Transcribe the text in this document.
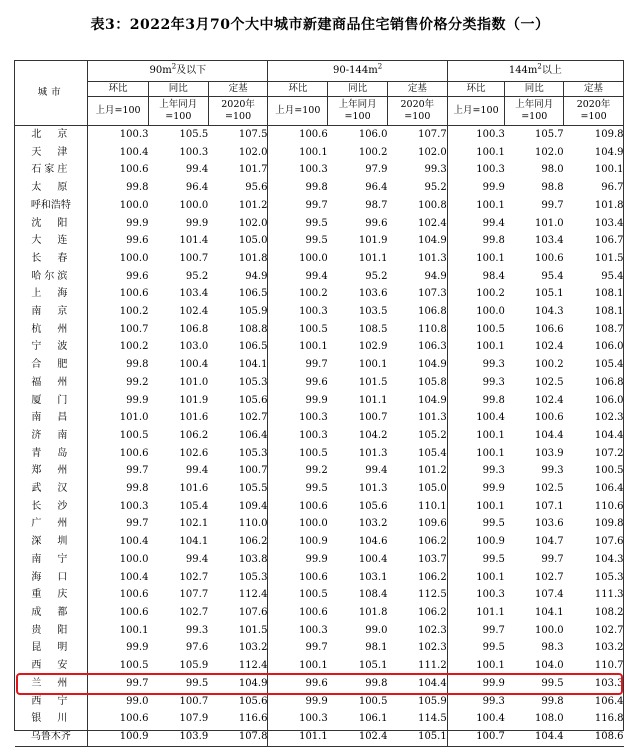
表3：2022年3月70个大中城市新建商品住宅销售价格分类指数（一）
城市	$90m^2$及以下			$90-144m^2$			$144m^2$以上		
	环比	同比	定基	环比	同比	定基	环比	同比	定基
	上月=100	上年同月=100	2020年=100	上月=100	上年同月=100	2020年=100	上月=100	上年同月=100	2020年=100
北　京	100.3	105.5	107.5	100.6	106.0	107.7	100.3	105.7	109.8
天　津	100.4	100.3	102.0	100.1	100.2	102.0	100.1	102.0	104.9
石家庄	100.6	99.4	101.7	100.3	97.9	99.3	100.3	98.0	100.1
太　原	99.8	96.4	95.6	99.8	96.4	95.2	99.9	98.8	96.7
呼和浩特	100.0	100.0	101.2	99.7	98.7	100.8	100.1	99.7	101.8
沈　阳	99.9	99.9	102.0	99.5	99.6	102.4	99.4	101.0	103.4
大　连	99.6	101.4	105.0	99.5	101.9	104.9	99.8	103.4	106.7
长　春	100.0	100.7	101.8	100.0	101.1	101.3	100.1	100.6	101.5
哈尔滨	99.6	95.2	94.9	99.4	95.2	94.9	98.4	95.4	95.4
上　海	100.6	103.4	106.5	100.2	103.6	107.3	100.2	105.1	108.1
南　京	100.2	102.4	105.9	100.3	103.5	106.8	100.0	104.3	108.1
杭　州	100.7	106.8	108.8	100.5	108.5	110.8	100.5	106.6	108.7
宁　波	100.2	103.0	106.5	100.1	102.9	106.3	100.1	102.4	106.0
合　肥	99.8	100.4	104.1	99.7	100.1	104.9	99.3	100.2	105.4
福　州	99.2	101.0	105.3	99.6	101.5	105.8	99.3	102.5	106.8
厦　门	99.9	101.9	105.6	99.9	101.1	104.9	99.8	102.4	106.0
南　昌	101.0	101.6	102.7	100.3	100.7	101.3	100.4	100.6	102.3
济　南	100.5	106.2	106.4	100.3	104.2	105.2	100.1	104.4	104.4
青　岛	100.6	102.6	105.3	100.5	101.3	105.4	100.1	103.9	107.2
郑　州	99.7	99.4	100.7	99.2	99.4	101.2	99.3	99.3	100.5
武　汉	99.8	101.6	105.5	99.5	101.3	105.0	99.9	102.5	106.4
长　沙	100.3	105.4	109.4	100.6	105.6	110.1	100.1	107.1	110.6
广　州	99.7	102.1	110.0	100.0	103.2	109.6	99.5	103.6	109.8
深　圳	100.4	104.1	106.2	100.9	104.6	106.2	100.9	104.7	107.6
南　宁	100.0	99.4	103.8	99.9	100.4	103.7	99.5	99.7	104.3
海　口	100.4	102.7	105.3	100.6	103.1	106.2	100.1	102.7	105.3
重　庆	100.6	107.7	112.4	100.5	108.4	112.5	100.3	107.4	111.3
成　都	100.6	102.7	107.6	100.6	101.8	106.2	101.1	104.1	108.2
贵　阳	100.1	99.3	101.5	100.3	99.0	102.3	99.7	100.0	102.7
昆　明	99.9	97.6	103.2	99.7	98.1	102.3	99.5	98.3	103.2
西　安	100.5	105.9	112.4	100.1	105.1	111.2	100.1	104.0	110.7
兰　州	99.7	99.5	104.9	99.6	99.8	104.4	99.9	99.5	103.3
西　宁	99.0	100.7	105.6	99.9	100.5	105.9	99.3	99.8	106.4
银　川	100.6	107.9	116.6	100.3	106.1	114.5	100.4	108.0	116.8
乌鲁木齐	100.9	103.9	107.8	101.1	102.4	105.1	100.7	104.4	108.6
